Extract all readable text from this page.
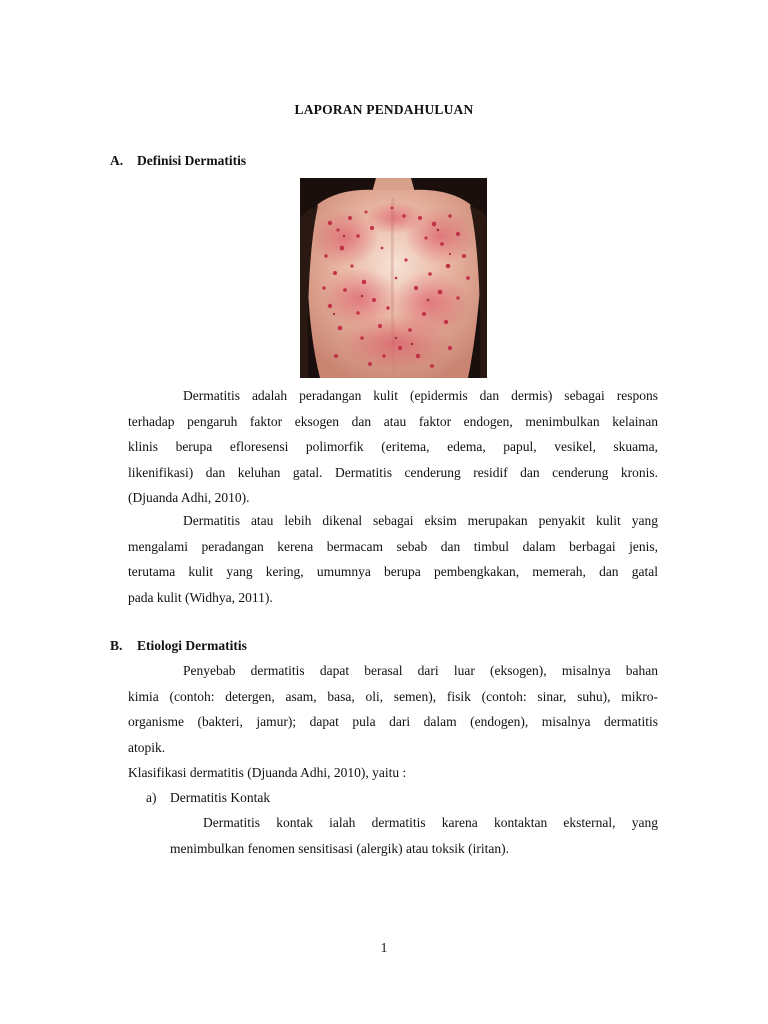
LAPORAN PENDAHULUAN
A. Definisi Dermatitis
Dermatitis adalah peradangan kulit (epidermis dan dermis) sebagai respons
terhadap pengaruh faktor eksogen dan atau faktor endogen, menimbulkan kelainan
klinis berupa efloresensi polimorfik (eritema, edema, papul, vesikel, skuama,
likenifikasi) dan keluhan gatal. Dermatitis cenderung residif dan cenderung kronis.
(Djuanda Adhi, 2010).
Dermatitis atau lebih dikenal sebagai eksim merupakan penyakit kulit yang
mengalami peradangan kerena bermacam sebab dan timbul dalam berbagai jenis,
terutama kulit yang kering, umumnya berupa pembengkakan, memerah, dan gatal
pada kulit (Widhya, 2011).
B. Etiologi Dermatitis
Penyebab dermatitis dapat berasal dari luar (eksogen), misalnya bahan
kimia (contoh: detergen, asam, basa, oli, semen), fisik (contoh: sinar, suhu), mikro-
organisme (bakteri, jamur); dapat pula dari dalam (endogen), misalnya dermatitis
atopik.
Klasifikasi dermatitis (Djuanda Adhi, 2010), yaitu :
a) Dermatitis Kontak
Dermatitis kontak ialah dermatitis karena kontaktan eksternal, yang
menimbulkan fenomen sensitisasi (alergik) atau toksik (iritan).
1
